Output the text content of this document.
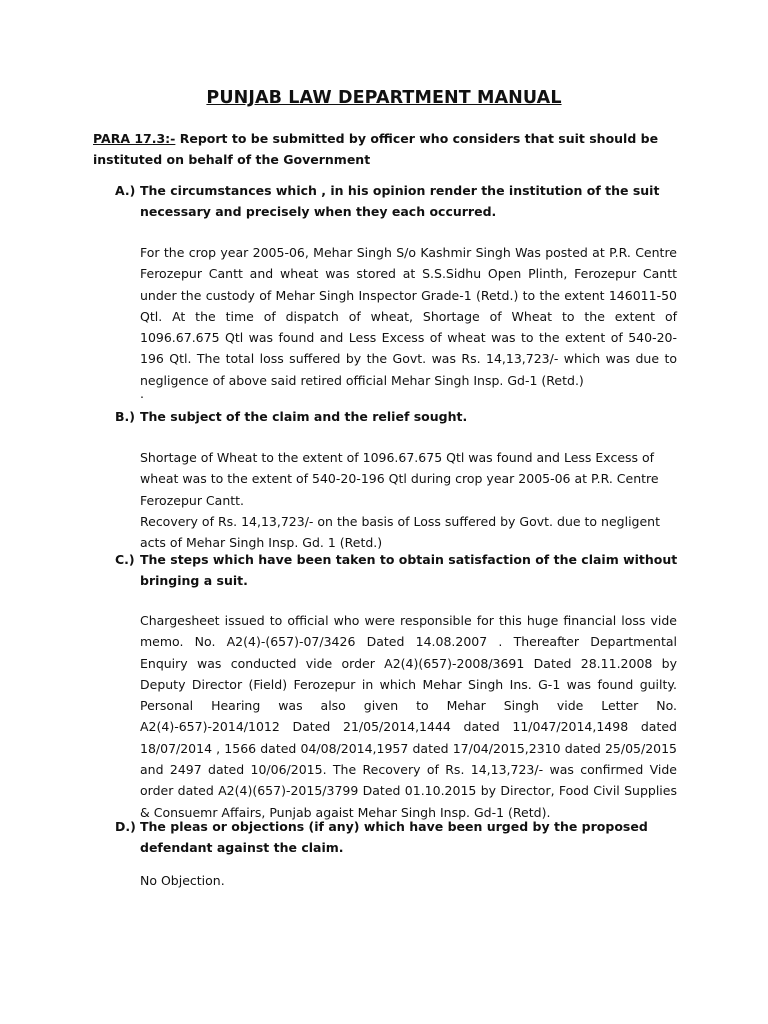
PUNJAB LAW DEPARTMENT MANUAL
PARA 17.3:- Report to be submitted by officer who considers that suit should be instituted on behalf of the Government
A.) The circumstances which , in his opinion render the institution of the suit necessary and precisely when they each occurred.

For the crop year 2005-06, Mehar Singh S/o Kashmir Singh Was posted at P.R. Centre Ferozepur Cantt and wheat was stored at S.S.Sidhu Open Plinth, Ferozepur Cantt under the custody of Mehar Singh Inspector Grade-1 (Retd.) to the extent 146011-50 Qtl. At the time of dispatch of wheat, Shortage of Wheat to the extent of 1096.67.675 Qtl was found and Less Excess of wheat was to the extent of 540-20-196 Qtl. The total loss suffered by the Govt. was Rs. 14,13,723/- which was due to negligence of above said retired official Mehar Singh Insp. Gd-1 (Retd.)

.
B.) The subject of the claim and the relief sought.

Shortage of Wheat to the extent of 1096.67.675 Qtl was found and Less Excess of wheat was to the extent of 540-20-196 Qtl during crop year 2005-06 at P.R. Centre Ferozepur Cantt.

Recovery of Rs. 14,13,723/- on the basis of Loss suffered by Govt. due to negligent acts of Mehar Singh Insp. Gd. 1 (Retd.)

C.) The steps which have been taken to obtain satisfaction of the claim without bringing a suit.

Chargesheet issued to official who were responsible for this huge financial loss vide memo. No. A2(4)-(657)-07/3426 Dated 14.08.2007 . Thereafter Departmental Enquiry was conducted vide order A2(4)(657)-2008/3691 Dated 28.11.2008 by Deputy Director (Field) Ferozepur in which Mehar Singh Ins. G-1 was found guilty. Personal Hearing was also given to Mehar Singh vide Letter No. A2(4)-657)-2014/1012 Dated 21/05/2014,1444 dated 11/047/2014,1498 dated 18/07/2014 , 1566 dated 04/08/2014,1957 dated 17/04/2015,2310 dated 25/05/2015 and 2497 dated 10/06/2015. The Recovery of Rs. 14,13,723/- was confirmed Vide order dated A2(4)(657)-2015/3799 Dated 01.10.2015 by Director, Food Civil Supplies & Consuemr Affairs, Punjab agaist Mehar Singh Insp. Gd-1 (Retd).

D.) The pleas or objections (if any) which have been urged by the proposed defendant against the claim.

No Objection.
